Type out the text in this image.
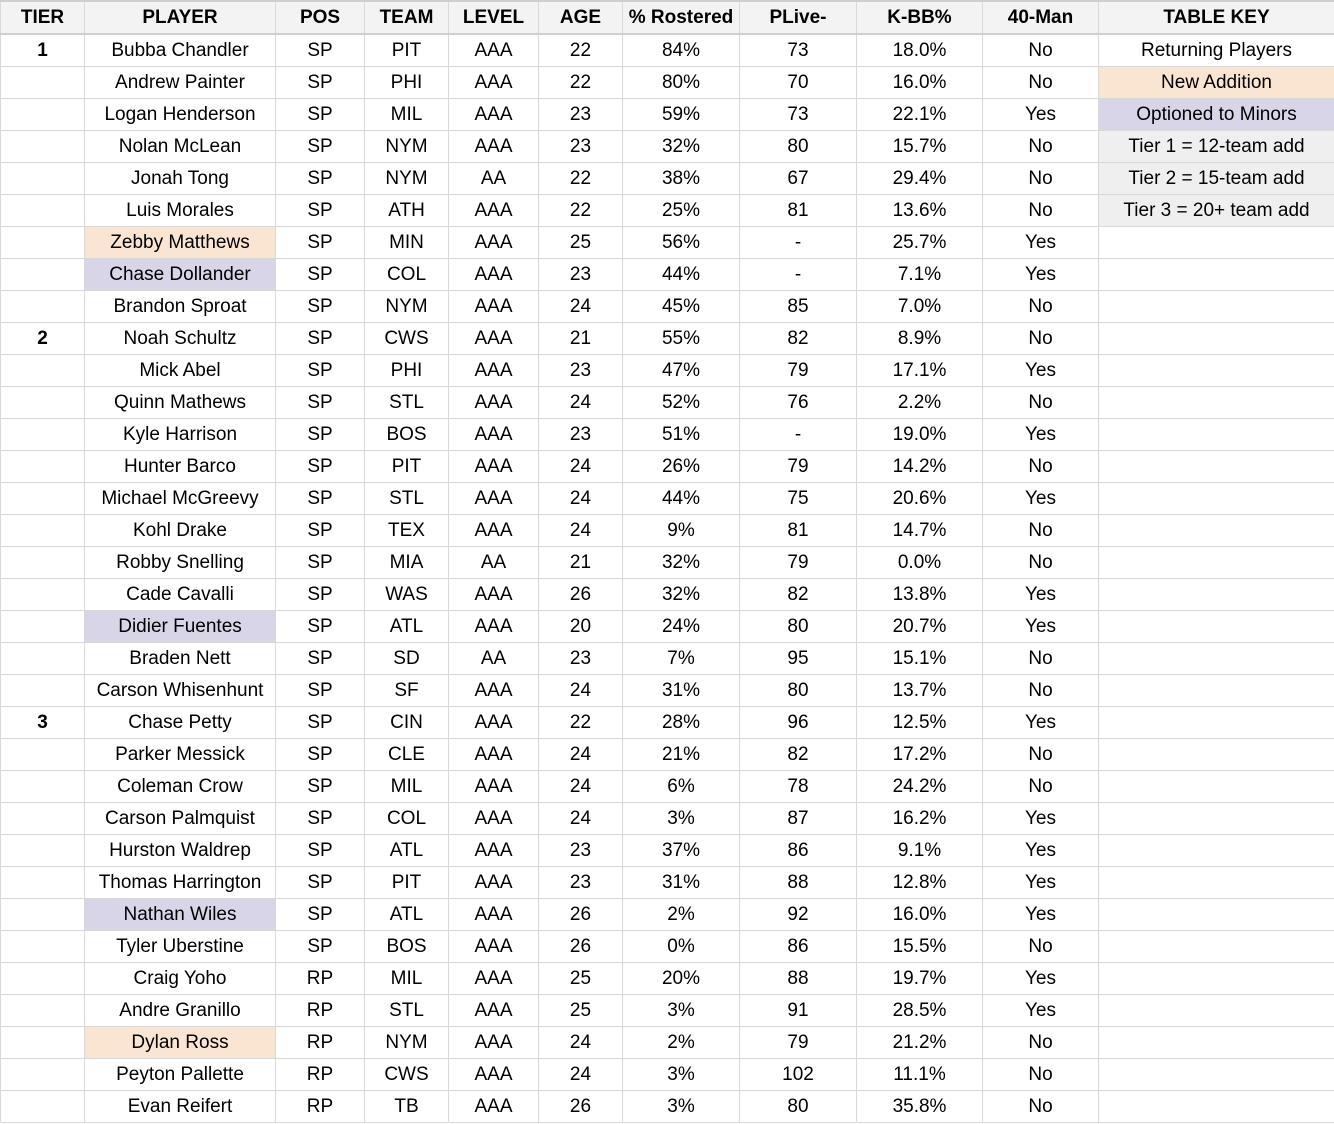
TIER	PLAYER	POS	TEAM	LEVEL	AGE	% Rostered	PLive-	K-BB%	40-Man	TABLE KEY
1	Bubba Chandler	SP	PIT	AAA	22	84%	73	18.0%	No	Returning Players
	Andrew Painter	SP	PHI	AAA	22	80%	70	16.0%	No	New Addition
	Logan Henderson	SP	MIL	AAA	23	59%	73	22.1%	Yes	Optioned to Minors
	Nolan McLean	SP	NYM	AAA	23	32%	80	15.7%	No	Tier 1 = 12-team add
	Jonah Tong	SP	NYM	AA	22	38%	67	29.4%	No	Tier 2 = 15-team add
	Luis Morales	SP	ATH	AAA	22	25%	81	13.6%	No	Tier 3 = 20+ team add
	Zebby Matthews	SP	MIN	AAA	25	56%	-	25.7%	Yes	
	Chase Dollander	SP	COL	AAA	23	44%	-	7.1%	Yes	
	Brandon Sproat	SP	NYM	AAA	24	45%	85	7.0%	No	
2	Noah Schultz	SP	CWS	AAA	21	55%	82	8.9%	No	
	Mick Abel	SP	PHI	AAA	23	47%	79	17.1%	Yes	
	Quinn Mathews	SP	STL	AAA	24	52%	76	2.2%	No	
	Kyle Harrison	SP	BOS	AAA	23	51%	-	19.0%	Yes	
	Hunter Barco	SP	PIT	AAA	24	26%	79	14.2%	No	
	Michael McGreevy	SP	STL	AAA	24	44%	75	20.6%	Yes	
	Kohl Drake	SP	TEX	AAA	24	9%	81	14.7%	No	
	Robby Snelling	SP	MIA	AA	21	32%	79	0.0%	No	
	Cade Cavalli	SP	WAS	AAA	26	32%	82	13.8%	Yes	
	Didier Fuentes	SP	ATL	AAA	20	24%	80	20.7%	Yes	
	Braden Nett	SP	SD	AA	23	7%	95	15.1%	No	
	Carson Whisenhunt	SP	SF	AAA	24	31%	80	13.7%	No	
3	Chase Petty	SP	CIN	AAA	22	28%	96	12.5%	Yes	
	Parker Messick	SP	CLE	AAA	24	21%	82	17.2%	No	
	Coleman Crow	SP	MIL	AAA	24	6%	78	24.2%	No	
	Carson Palmquist	SP	COL	AAA	24	3%	87	16.2%	Yes	
	Hurston Waldrep	SP	ATL	AAA	23	37%	86	9.1%	Yes	
	Thomas Harrington	SP	PIT	AAA	23	31%	88	12.8%	Yes	
	Nathan Wiles	SP	ATL	AAA	26	2%	92	16.0%	Yes	
	Tyler Uberstine	SP	BOS	AAA	26	0%	86	15.5%	No	
	Craig Yoho	RP	MIL	AAA	25	20%	88	19.7%	Yes	
	Andre Granillo	RP	STL	AAA	25	3%	91	28.5%	Yes	
	Dylan Ross	RP	NYM	AAA	24	2%	79	21.2%	No	
	Peyton Pallette	RP	CWS	AAA	24	3%	102	11.1%	No	
	Evan Reifert	RP	TB	AAA	26	3%	80	35.8%	No	
